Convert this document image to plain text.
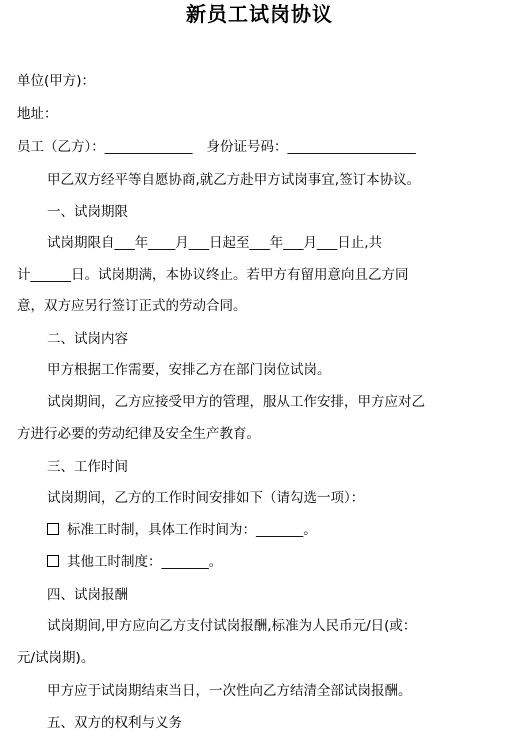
新员工试岗协议
单位(甲方)：
地址：
员工（乙方）：_____________ 身份证号码：___________________
甲乙双方经平等自愿协商,就乙方赴甲方试岗事宜,签订本协议。
一、试岗期限
试岗期限自___年____月___日起至___年___月___日止,共
计______日。试岗期满，本协议终止。若甲方有留用意向且乙方同
意，双方应另行签订正式的劳动合同。
二、试岗内容
甲方根据工作需要，安排乙方在部门岗位试岗。
试岗期间，乙方应接受甲方的管理，服从工作安排，甲方应对乙
方进行必要的劳动纪律及安全生产教育。
三、工作时间
试岗期间，乙方的工作时间安排如下（请勾选一项）：
标准工时制，具体工作时间为：_______。
其他工时制度：_______。
四、试岗报酬
试岗期间,甲方应向乙方支付试岗报酬,标准为人民币元/日(或：
元/试岗期)。
甲方应于试岗期结束当日，一次性向乙方结清全部试岗报酬。
五、双方的权利与义务
